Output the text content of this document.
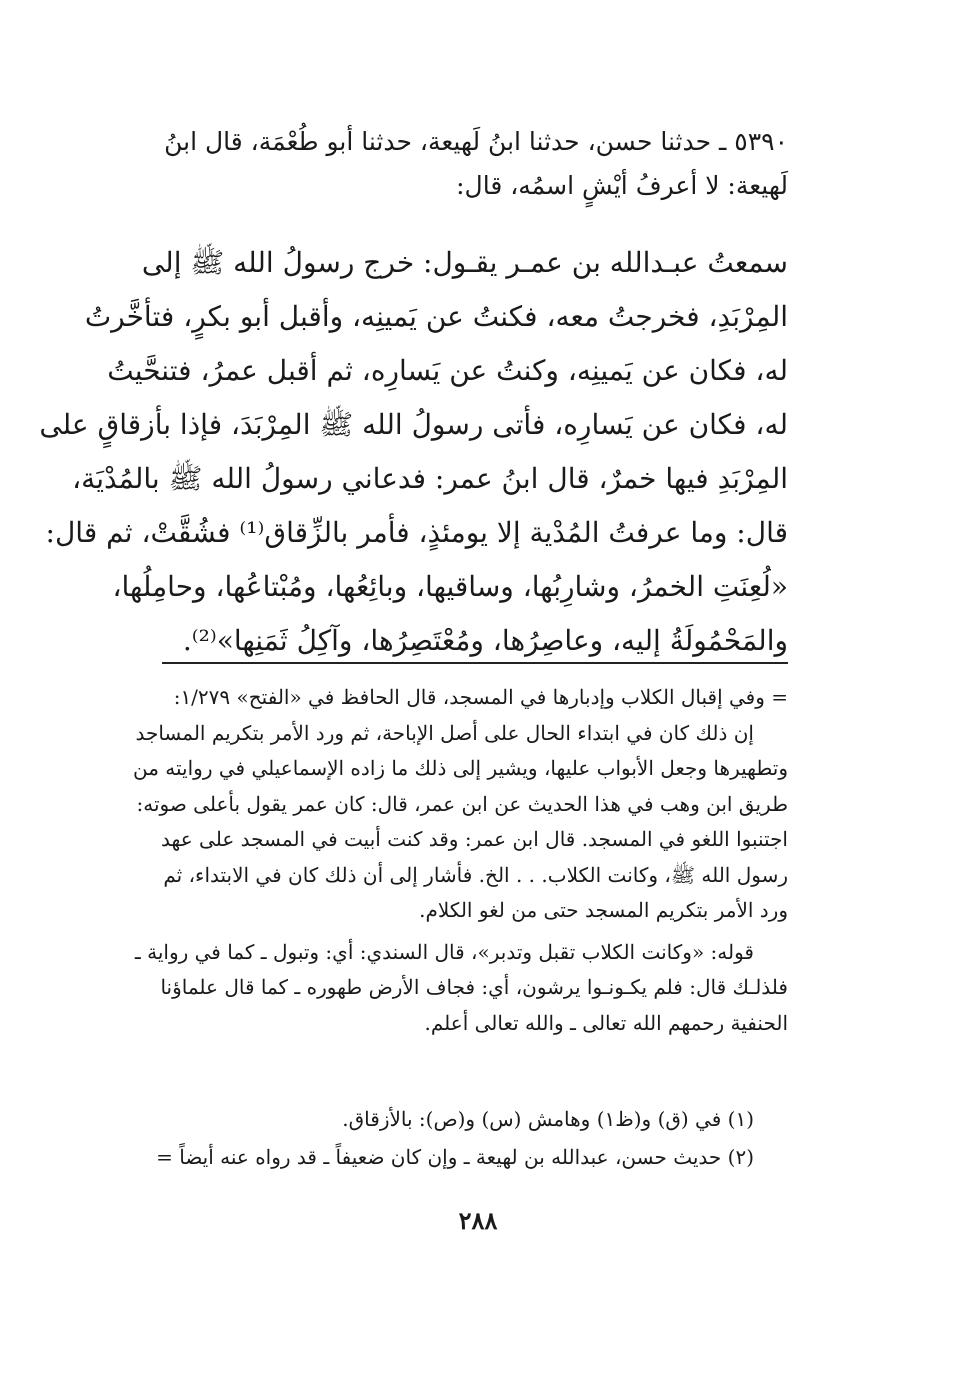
٥٣٩٠ ـ حدثنا حسن، حدثنا ابنُ لَهيعة، حدثنا أبو طُعْمَة، قال ابنُ

لَهيعة: لا أعرفُ أيْشٍ اسمُه، قال:

سمعتُ عبـدالله بن عمـر يقـول: خرج رسولُ الله ﷺ إلى
المِرْبَدِ، فخرجتُ معه، فكنتُ عن يَمينِه، وأقبل أبو بكرٍ، فتأخَّرتُ
له، فكان عن يَمينِه، وكنتُ عن يَسارِه، ثم أقبل عمرُ، فتنحَّيتُ
له، فكان عن يَسارِه، فأتى رسولُ الله ﷺ المِرْبَدَ، فإذا بأزقاقٍ على
المِرْبَدِ فيها خمرٌ، قال ابنُ عمر: فدعاني رسولُ الله ﷺ بالمُدْيَة،
قال: وما عرفتُ المُدْية إلا يومئذٍ، فأمر بالزِّقاق⁽¹⁾ فشُقَّتْ، ثم قال:
«لُعِنَتِ الخمرُ، وشارِبُها، وساقيها، وبائِعُها، ومُبْتاعُها، وحامِلُها،
والمَحْمُولَةُ إليه، وعاصِرُها، ومُعْتَصِرُها، وآكِلُ ثَمَنِها»⁽²⁾.
= وفي إقبال الكلاب وإدبارها في المسجد، قال الحافظ في «الفتح» ١/٢٧٩:
إن ذلك كان في ابتداء الحال على أصل الإباحة، ثم ورد الأمر بتكريم المساجد
وتطهيرها وجعل الأبواب عليها، ويشير إلى ذلك ما زاده الإسماعيلي في روايته من
طريق ابن وهب في هذا الحديث عن ابن عمر، قال: كان عمر يقول بأعلى صوته:
اجتنبوا اللغو في المسجد. قال ابن عمر: وقد كنت أبيت في المسجد على عهد
رسول الله ﷺ، وكانت الكلاب. . . الخ. فأشار إلى أن ذلك كان في الابتداء، ثم
ورد الأمر بتكريم المسجد حتى من لغو الكلام.
قوله: «وكانت الكلاب تقبل وتدبر»، قال السندي: أي: وتبول ـ كما في رواية ـ
فلذلـك قال: فلم يكـونـوا يرشون، أي: فجاف الأرض طهوره ـ كما قال علماؤنا
الحنفية رحمهم الله تعالى ـ والله تعالى أعلم.
(١) في (ق) و(ظ١) وهامش (س) و(ص): بالأزقاق.
(٢) حديث حسن، عبدالله بن لهيعة ـ وإن كان ضعيفاً ـ قد رواه عنه أيضاً =
٢٨٨
